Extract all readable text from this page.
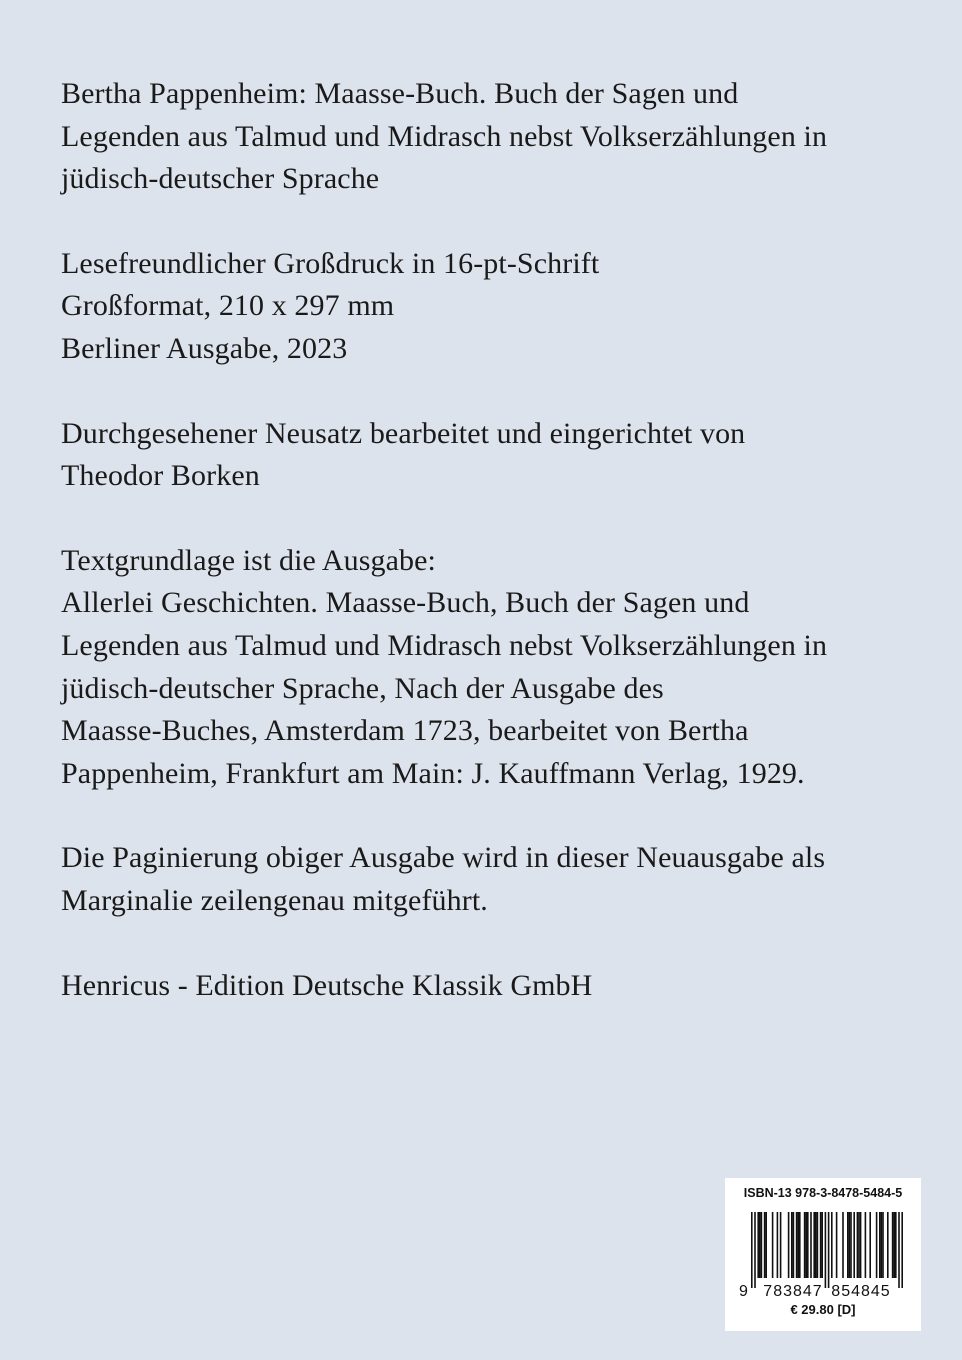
Bertha Pappenheim: Maasse-Buch. Buch der Sagen und
Legenden aus Talmud und Midrasch nebst Volkserzählungen in
jüdisch-deutscher Sprache
Lesefreundlicher Großdruck in 16-pt-Schrift
Großformat, 210 x 297 mm
Berliner Ausgabe, 2023
Durchgesehener Neusatz bearbeitet und eingerichtet von
Theodor Borken
Textgrundlage ist die Ausgabe:
Allerlei Geschichten. Maasse-Buch, Buch der Sagen und
Legenden aus Talmud und Midrasch nebst Volkserzählungen in
jüdisch-deutscher Sprache, Nach der Ausgabe des
Maasse-Buches, Amsterdam 1723, bearbeitet von Bertha
Pappenheim, Frankfurt am Main: J. Kauffmann Verlag, 1929.
Die Paginierung obiger Ausgabe wird in dieser Neuausgabe als
Marginalie zeilengenau mitgeführt.
Henricus - Edition Deutsche Klassik GmbH
ISBN-13 978-3-8478-5484-5
9 783847 854845
€ 29.80 [D]
